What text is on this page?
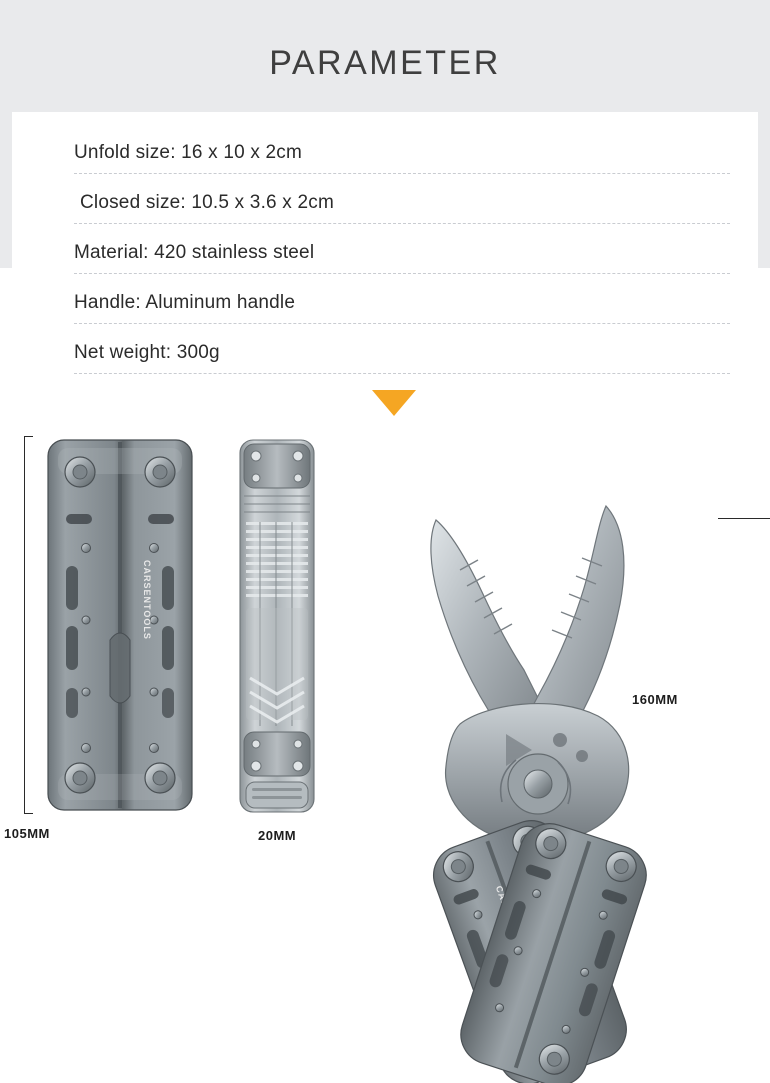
PARAMETER
Unfold size: 16 x 10 x 2cm
Closed size: 10.5 x 3.6 x 2cm
Material: 420 stainless steel
Handle: Aluminum handle
Net weight: 300g
CARSENTOOLS
105MM	20MM
160MM
